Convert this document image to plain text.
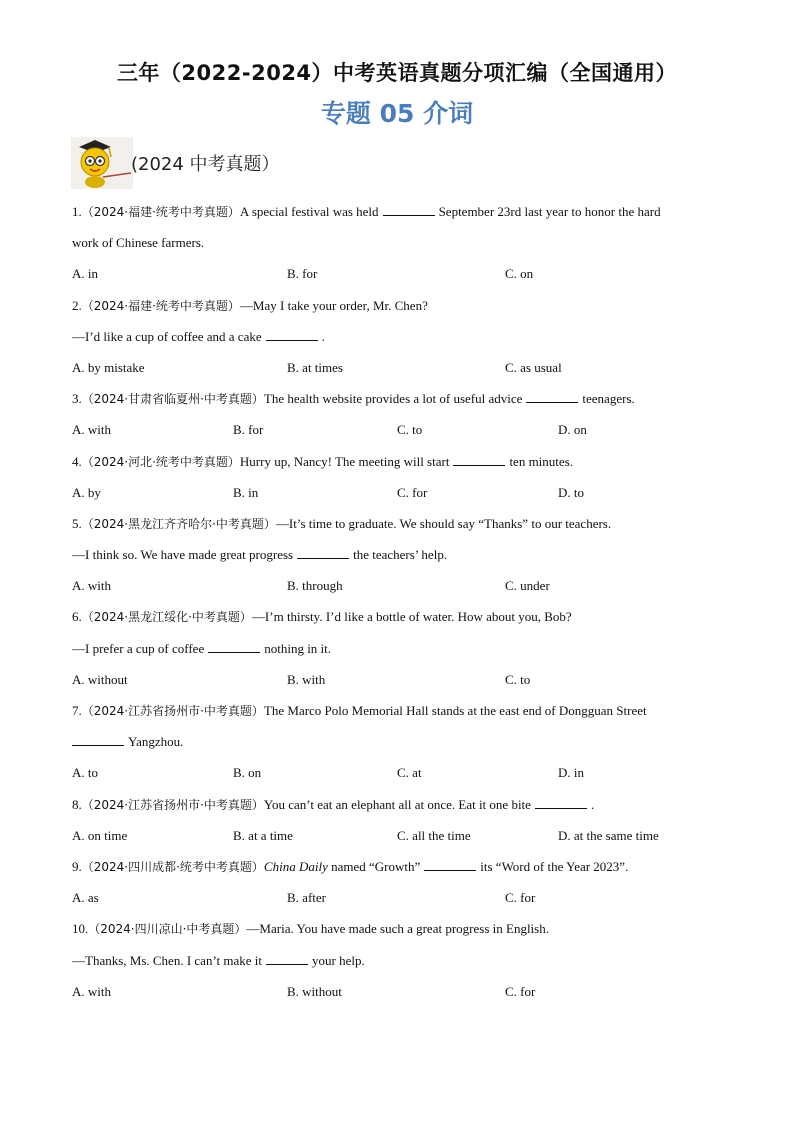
三年（2022-2024）中考英语真题分项汇编（全国通用）
专题 05 介词
(2024 中考真题）
1.（2024·福建·统考中考真题）A special festival was held	September 23rd last year to honor the hard
work of Chinese farmers.
A. in	B. for	C. on
2.（2024·福建·统考中考真题）—May I take your order, Mr. Chen?
—I’d like a cup of coffee and a cake	.
A. by mistake	B. at times	C. as usual
3.（2024·甘肃省临夏州·中考真题）The health website provides a lot of useful advice	teenagers.
A. with	B. for	C. to	D. on
4.（2024·河北·统考中考真题）Hurry up, Nancy! The meeting will start	ten minutes.
A. by	B. in	C. for	D. to
5.（2024·黑龙江齐齐哈尔·中考真题）—It’s time to graduate. We should say “Thanks” to our teachers.
—I think so. We have made great progress	the teachers’ help.
A. with	B. through	C. under
6.（2024·黑龙江绥化·中考真题）—I’m thirsty. I’d like a bottle of water. How about you, Bob?
—I prefer a cup of coffee	nothing in it.
A. without	B. with	C. to
7.（2024·江苏省扬州市·中考真题）The Marco Polo Memorial Hall stands at the east end of Dongguan Street
Yangzhou.
A. to	B. on	C. at	D. in
8.（2024·江苏省扬州市·中考真题）You can’t eat an elephant all at once. Eat it one bite	.
A. on time	B. at a time	C. all the time	D. at the same time
9.（2024·四川成都·统考中考真题）China Daily named “Growth”	its “Word of the Year 2023”.
A. as	B. after	C. for
10.（2024·四川凉山·中考真题）—Maria. You have made such a great progress in English.
—Thanks, Ms. Chen. I can’t make it	your help.
A. with	B. without	C. for
